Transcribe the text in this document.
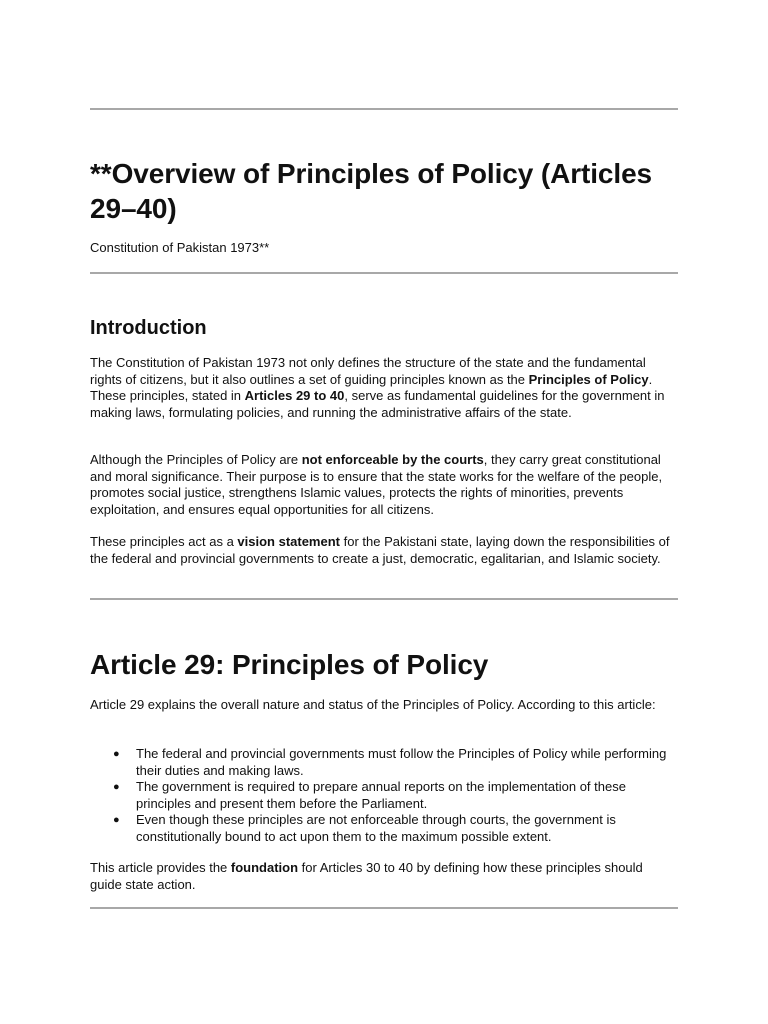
**Overview of Principles of Policy (Articles 29–40)

Constitution of Pakistan 1973**

Introduction

The Constitution of Pakistan 1973 not only defines the structure of the state and the fundamental rights of citizens, but it also outlines a set of guiding principles known as the Principles of Policy. These principles, stated in Articles 29 to 40, serve as fundamental guidelines for the government in making laws, formulating policies, and running the administrative affairs of the state.

Although the Principles of Policy are not enforceable by the courts, they carry great constitutional and moral significance. Their purpose is to ensure that the state works for the welfare of the people, promotes social justice, strengthens Islamic values, protects the rights of minorities, prevents exploitation, and ensures equal opportunities for all citizens.

These principles act as a vision statement for the Pakistani state, laying down the responsibilities of the federal and provincial governments to create a just, democratic, egalitarian, and Islamic society.

Article 29: Principles of Policy

Article 29 explains the overall nature and status of the Principles of Policy. According to this article:

● The federal and provincial governments must follow the Principles of Policy while performing their duties and making laws.
● The government is required to prepare annual reports on the implementation of these principles and present them before the Parliament.
● Even though these principles are not enforceable through courts, the government is constitutionally bound to act upon them to the maximum possible extent.

This article provides the foundation for Articles 30 to 40 by defining how these principles should guide state action.
